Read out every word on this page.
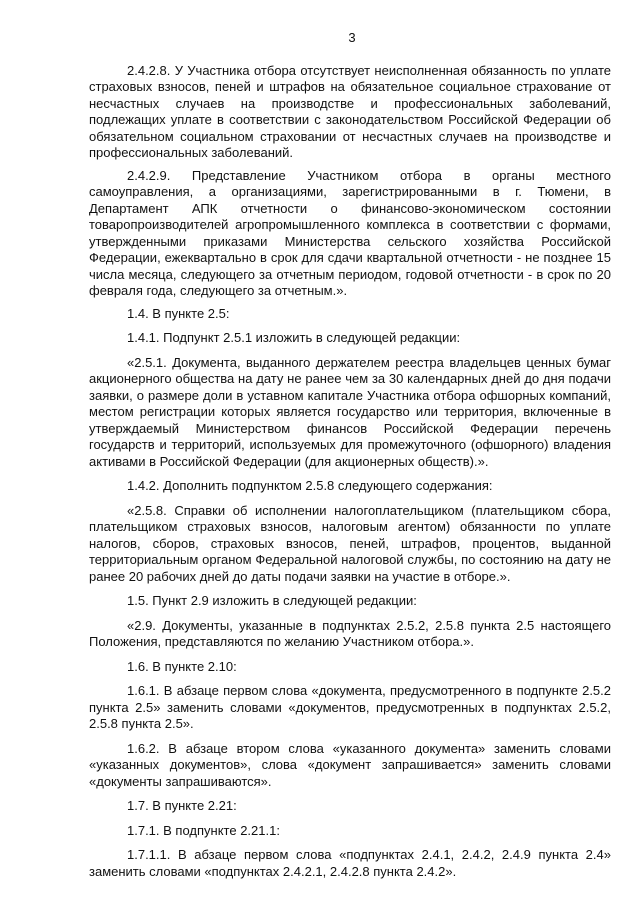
3

2.4.2.8. У Участника отбора отсутствует неисполненная обязанность по уплате страховых взносов, пеней и штрафов на обязательное социальное страхование от несчастных случаев на производстве и профессиональных заболеваний, подлежащих уплате в соответствии с законодательством Российской Федерации об обязательном социальном страховании от несчастных случаев на производстве и профессиональных заболеваний.

2.4.2.9. Представление Участником отбора в органы местного самоуправления, а организациями, зарегистрированными в г. Тюмени, в Департамент АПК отчетности о финансово-экономическом состоянии товаропроизводителей агропромышленного комплекса в соответствии с формами, утвержденными приказами Министерства сельского хозяйства Российской Федерации, ежеквартально в срок для сдачи квартальной отчетности - не позднее 15 числа месяца, следующего за отчетным периодом, годовой отчетности - в срок по 20 февраля года, следующего за отчетным.».

1.4. В пункте 2.5:

1.4.1. Подпункт 2.5.1 изложить в следующей редакции:

«2.5.1. Документа, выданного держателем реестра владельцев ценных бумаг акционерного общества на дату не ранее чем за 30 календарных дней до дня подачи заявки, о размере доли в уставном капитале Участника отбора офшорных компаний, местом регистрации которых является государство или территория, включенные в утверждаемый Министерством финансов Российской Федерации перечень государств и территорий, используемых для промежуточного (офшорного) владения активами в Российской Федерации (для акционерных обществ).».

1.4.2. Дополнить подпунктом 2.5.8 следующего содержания:

«2.5.8. Справки об исполнении налогоплательщиком (плательщиком сбора, плательщиком страховых взносов, налоговым агентом) обязанности по уплате налогов, сборов, страховых взносов, пеней, штрафов, процентов, выданной территориальным органом Федеральной налоговой службы, по состоянию на дату не ранее 20 рабочих дней до даты подачи заявки на участие в отборе.».

1.5. Пункт 2.9 изложить в следующей редакции:

«2.9. Документы, указанные в подпунктах 2.5.2, 2.5.8 пункта 2.5 настоящего Положения, представляются по желанию Участником отбора.».

1.6. В пункте 2.10:

1.6.1. В абзаце первом слова «документа, предусмотренного в подпункте 2.5.2 пункта 2.5» заменить словами «документов, предусмотренных в подпунктах 2.5.2, 2.5.8 пункта 2.5».

1.6.2. В абзаце втором слова «указанного документа» заменить словами «указанных документов», слова «документ запрашивается» заменить словами «документы запрашиваются».

1.7. В пункте 2.21:

1.7.1. В подпункте 2.21.1:

1.7.1.1. В абзаце первом слова «подпунктах 2.4.1, 2.4.2, 2.4.9 пункта 2.4» заменить словами «подпунктах 2.4.2.1, 2.4.2.8 пункта 2.4.2».
